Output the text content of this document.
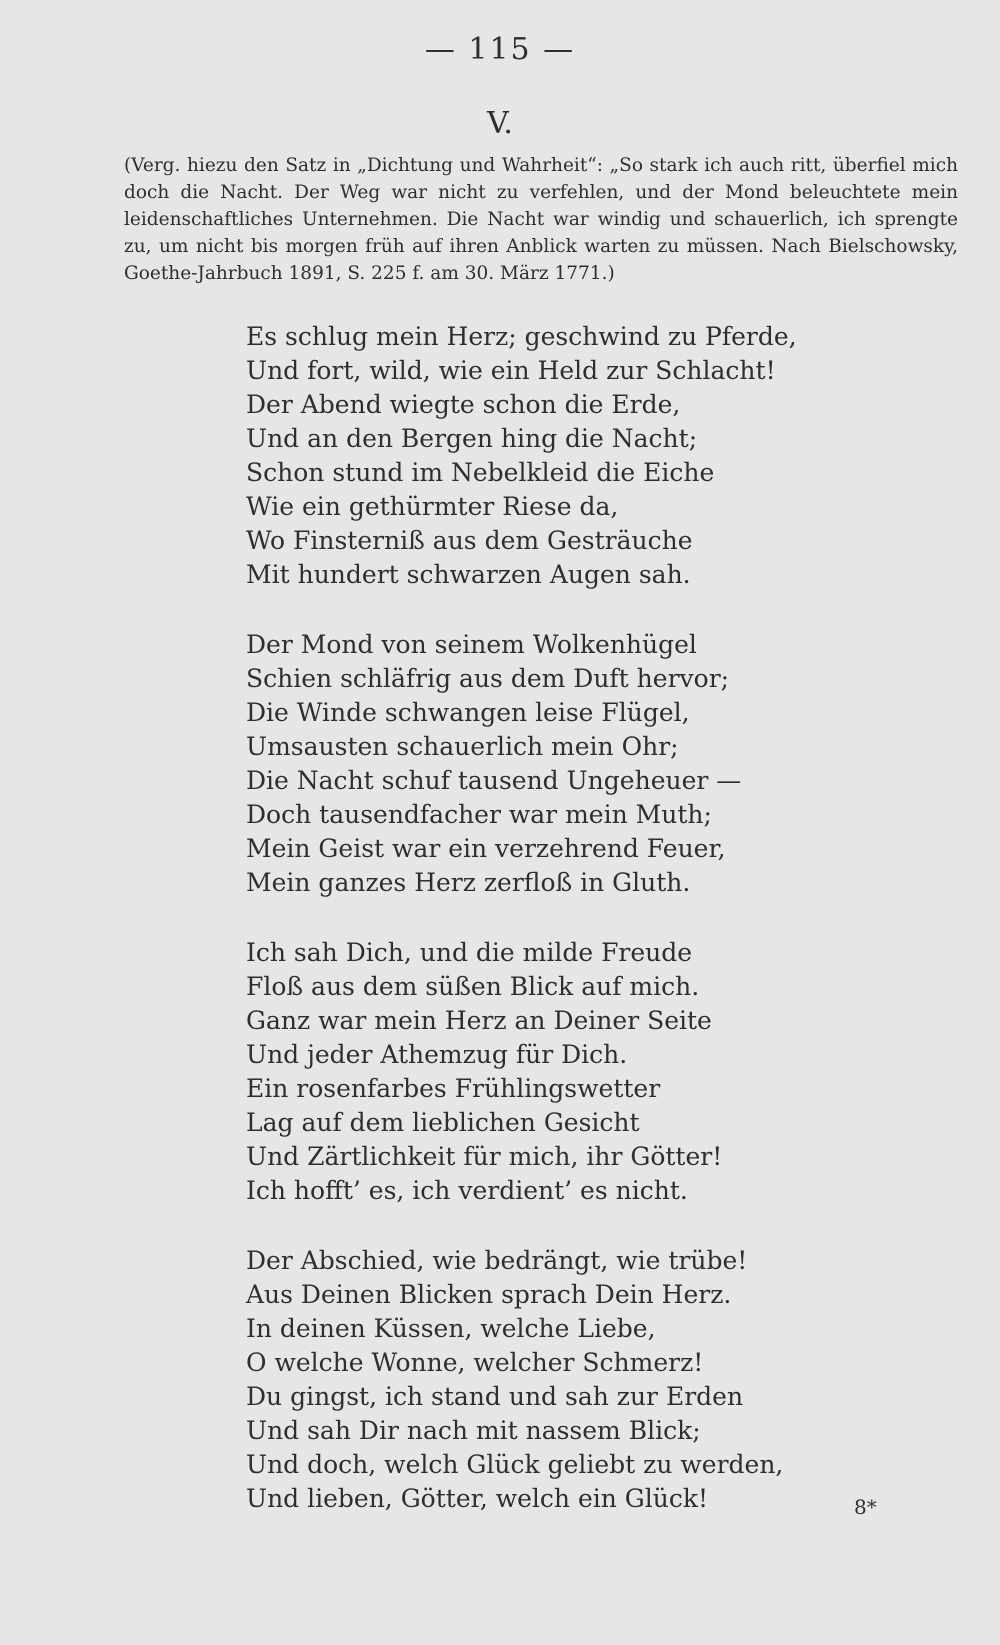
— 115 —
V.

(Verg. hiezu den Satz in „Dichtung und Wahrheit“: „So stark ich auch ritt, überfiel mich doch die Nacht. Der Weg war nicht zu verfehlen, und der Mond beleuchtete mein leidenschaftliches Unternehmen. Die Nacht war windig und schauerlich, ich sprengte zu, um nicht bis morgen früh auf ihren Anblick warten zu müssen. Nach Bielschowsky, Goethe-Jahrbuch 1891, S. 225 f. am 30. März 1771.)

Es schlug mein Herz; geschwind zu Pferde,
Und fort, wild, wie ein Held zur Schlacht!
Der Abend wiegte schon die Erde,
Und an den Bergen hing die Nacht;
Schon stund im Nebelkleid die Eiche
Wie ein gethürmter Riese da,
Wo Finsterniß aus dem Gesträuche
Mit hundert schwarzen Augen sah.
Der Mond von seinem Wolkenhügel
Schien schläfrig aus dem Duft hervor;
Die Winde schwangen leise Flügel,
Umsausten schauerlich mein Ohr;
Die Nacht schuf tausend Ungeheuer —
Doch tausendfacher war mein Muth;
Mein Geist war ein verzehrend Feuer,
Mein ganzes Herz zerfloß in Gluth.
Ich sah Dich, und die milde Freude
Floß aus dem süßen Blick auf mich.
Ganz war mein Herz an Deiner Seite
Und jeder Athemzug für Dich.
Ein rosenfarbes Frühlingswetter
Lag auf dem lieblichen Gesicht
Und Zärtlichkeit für mich, ihr Götter!
Ich hofft’ es, ich verdient’ es nicht.
Der Abschied, wie bedrängt, wie trübe!
Aus Deinen Blicken sprach Dein Herz.
In deinen Küssen, welche Liebe,
O welche Wonne, welcher Schmerz!
Du gingst, ich stand und sah zur Erden
Und sah Dir nach mit nassem Blick;
Und doch, welch Glück geliebt zu werden,
Und lieben, Götter, welch ein Glück!	8*
